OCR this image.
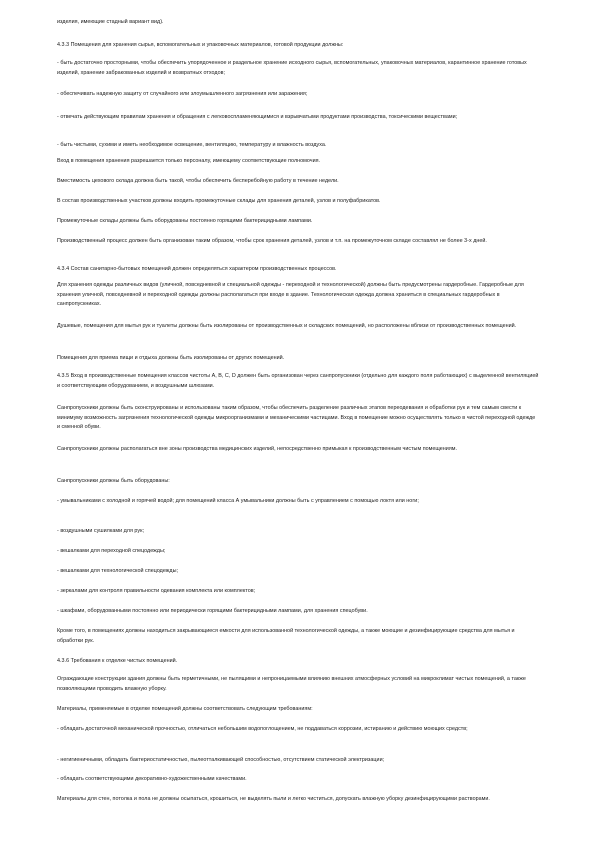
изделия, имеющие стадный вариант вид).

4.3.3 Помещения для хранения сырья, вспомогательных и упаковочных материалов, готовой продукции должны:

- быть достаточно просторными, чтобы обеспечить упорядоченное и раздельное хранение исходного сырья, вспомогательных, упаковочных материалов, карантинное хранение готовых изделий, хранение забракованных изделий и возвратных отходов;

- обеспечивать надежную защиту от случайного или злоумышленного загрязнения или заражения;

- отвечать действующим правилам хранения и обращения с легковоспламеняющимися и взрывчатыми продуктами производства, токсическими веществами;

- быть чистыми, сухими и иметь необходимое освещение, вентиляцию, температуру и влажность воздуха.

Вход в помещения хранения разрешается только персоналу, имеющему соответствующие полномочия.

Вместимость цехового склада должна быть такой, чтобы обеспечить бесперебойную работу в течение недели.

В состав производственных участков должны входить промежуточные склады для хранения деталей, узлов и полуфабрикатов.

Промежуточные склады должны быть оборудованы постоянно горящими бактерицидными лампами.

Производственный процесс должен быть организован таким образом, чтобы срок хранения деталей, узлов и т.п. на промежуточном складе составлял не более 3-х дней.

4.3.4 Состав санитарно-бытовых помещений должен определяться характером производственных процессов.

Для хранения одежды различных видов (уличной, повседневной и специальной одежды - переходной и технологической) должны быть предусмотрены гардеробные. Гардеробные для хранения уличной, повседневной и переходной одежды должны располагаться при входе в здание. Технологическая одежда должна храниться в специальных гардеробных в санпропускниках.

Душевые, помещения для мытья рук и туалеты должны быть изолированы от производственных и складских помещений, но расположены вблизи от производственных помещений.

Помещения для приема пищи и отдыха должны быть изолированы от других помещений.

4.3.5 Вход в производственные помещения классов чистоты А, В, С, D должен быть организован через санпропускники (отдельно для каждого поля работающих) с выделенной вентиляцией и соответствующим оборудованием, и воздушными шлюзами.

Санпропускники должны быть сконструированы и использованы таким образом, чтобы обеспечить разделение различных этапов переодевания и обработки рук и тем самым свести к минимуму возможность загрязнения технологической одежды микроорганизмами и механическими частицами. Вход в помещение можно осуществлять только в чистой переходной одежде и сменной обуви.

Санпропускники должны располагаться вне зоны производства медицинских изделий, непосредственно примыкая к производственным чистым помещениям.

Санпропускники должны быть оборудованы:

- умывальниками с холодной и горячей водой; для помещений класса А умывальники должны быть с управлением с помощью локтя или ноги;

- воздушными сушилками для рук;

- вешалками для переходной спецодежды;

- вешалками для технологической спецодежды;

- зеркалами для контроля правильности одевания комплекта или комплектов;

- шкафами, оборудованными постоянно или периодически горящими бактерицидными лампами, для хранения спецобуви.

Кроме того, в помещениях должны находиться закрывающиеся емкости для использованной технологической одежды, а также моющие и дезинфицирующие средства для мытья и обработки рук.

4.3.6 Требования к отделке чистых помещений.

Ограждающие конструкции здания должны быть герметичными, не пылящими и непроницаемыми влиянию внешних атмосферных условий на микроклимат чистых помещений, а также позволяющими проводить влажную уборку.

Материалы, применяемые в отделке помещений должны соответствовать следующим требованиям:

- обладать достаточной механической прочностью, отличаться небольшим водопоглощением, не поддаваться коррозии, истиранию и действию моющих средств;

- негигиеничными, обладать бактериостатичностью, пылеотталкивающей способностью, отсутствием статической электризации;

- обладать соответствующими декоративно-художественными качествами.

Материалы для стен, потолка и пола не должны осыпаться, крошиться, не выделять пыли и легко чиститься, допускать влажную уборку дезинфицирующими растворами.
